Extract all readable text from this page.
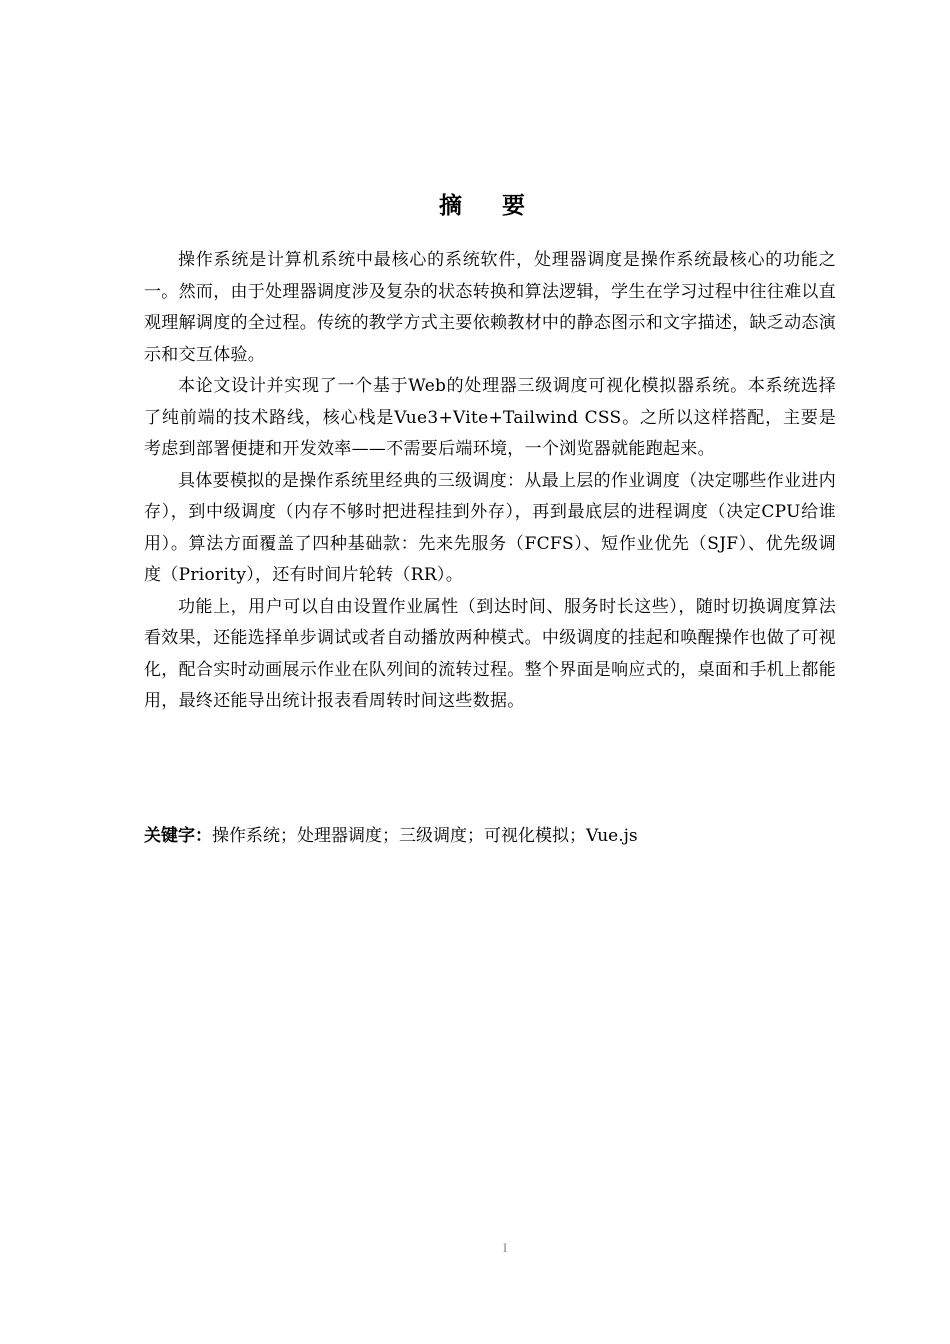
摘 要

操作系统是计算机系统中最核心的系统软件，处理器调度是操作系统最核心的功能之一。然而，由于处理器调度涉及复杂的状态转换和算法逻辑，学生在学习过程中往往难以直观理解调度的全过程。传统的教学方式主要依赖教材中的静态图示和文字描述，缺乏动态演示和交互体验。

本论文设计并实现了一个基于Web的处理器三级调度可视化模拟器系统。本系统选择了纯前端的技术路线，核心栈是Vue3+Vite+Tailwind CSS。之所以这样搭配，主要是考虑到部署便捷和开发效率——不需要后端环境，一个浏览器就能跑起来。

具体要模拟的是操作系统里经典的三级调度：从最上层的作业调度（决定哪些作业进内存），到中级调度（内存不够时把进程挂到外存），再到最底层的进程调度（决定CPU给谁用）。算法方面覆盖了四种基础款：先来先服务（FCFS）、短作业优先（SJF）、优先级调度（Priority），还有时间片轮转（RR）。

功能上，用户可以自由设置作业属性（到达时间、服务时长这些），随时切换调度算法看效果，还能选择单步调试或者自动播放两种模式。中级调度的挂起和唤醒操作也做了可视化，配合实时动画展示作业在队列间的流转过程。整个界面是响应式的，桌面和手机上都能用，最终还能导出统计报表看周转时间这些数据。

关键字：操作系统；处理器调度；三级调度；可视化模拟；Vue.js
I
